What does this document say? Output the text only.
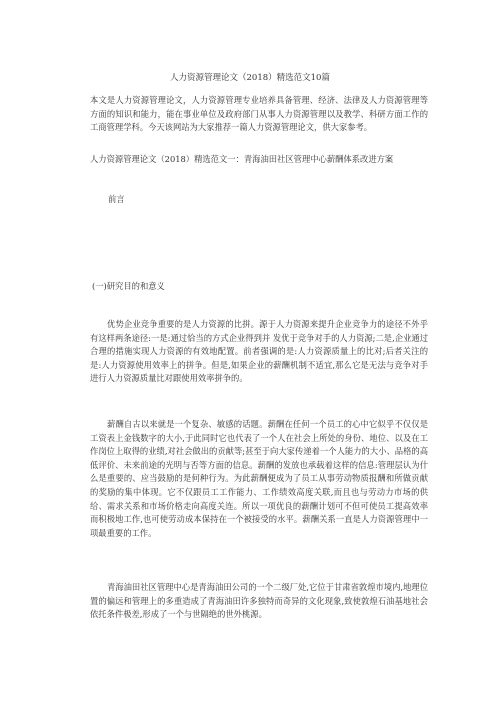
人力资源管理论文（2018）精选范文10篇

本文是人力资源管理论文，人力资源管理专业培养具备管理、经济、法律及人力资源管理等方面的知识和能力，能在事业单位及政府部门从事人力资源管理以及教学、科研方面工作的工商管理学科。今天该网站为大家推荐一篇人力资源管理论文，供大家参考。

人力资源管理论文（2018）精选范文一：青海油田社区管理中心薪酬体系改进方案

前言

(一)研究目的和意义

优势企业竞争重要的是人力资源的比拼。源于人力资源来提升企业竞争力的途径不外乎有这样两条途径:一是:通过恰当的方式企业得到并 发优于竞争对手的人力资源;二是,企业通过合理的措施实现人力资源的有效地配置。前者强调的是:人力资源质量上的比对;后者关注的是:人力资源使用效率上的拼争。但是,如果企业的薪酬机制不适宜,那么它是无法与竞争对手进行人力资源质量比对跟使用效率拼争的。

薪酬自古以来就是一个复杂、敏感的话题。薪酬在任何一个员工的心中它似乎不仅仅是工资表上金钱数字的大小,于此同时它也代表了一个人在社会上所处的身份、地位、以及在工作岗位上取得的业绩,对社会做出的贡献等;甚至于向大家传递着一个人能力的大小、品格的高低评价、未来前途的光明与否等方面的信息。薪酬的发放也承载着这样的信息:管理层认为什么是重要的、应当鼓励的是何种行为。为此薪酬便成为了员工从事劳动物质报酬和所做贡献的奖励的集中体现。它不仅跟员工工作能力、工作绩效高度关联,而且也与劳动力市场的供给、需求关系和市场价格走向高度关连。所以一项优良的薪酬计划可不但可使员工提高效率而积极地工作,也可使劳动成本保持在一个被接受的水平。薪酬关系一直是人力资源管理中一项最重要的工作。

青海油田社区管理中心是青海油田公司的一个二级厂处,它位于甘肃省敦煌市境内,地理位置的偏远和管理上的多重造成了青海油田许多独特而奇异的文化现象,致使敦煌石油基地社会依托条件极差,形成了一个与世隔绝的世外桃源。
